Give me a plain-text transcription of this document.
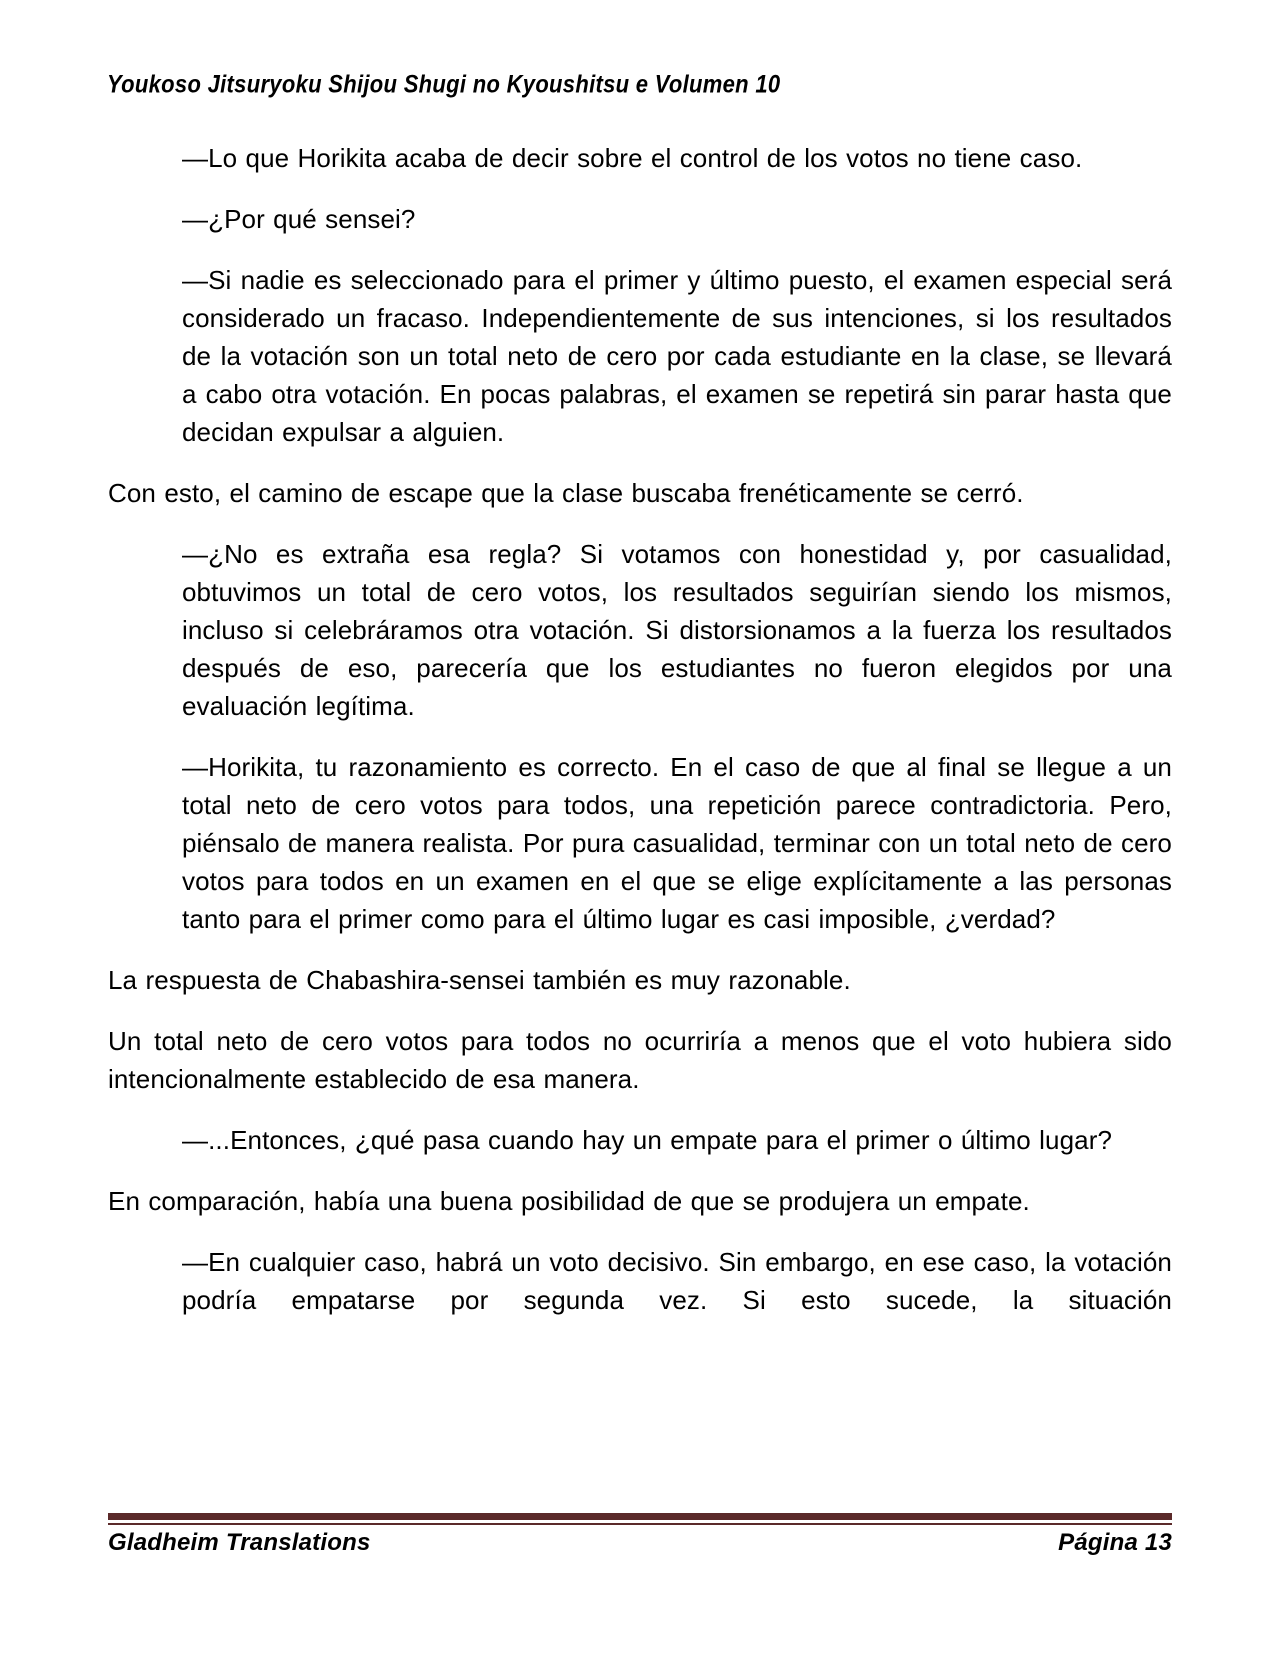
Youkoso Jitsuryoku Shijou Shugi no Kyoushitsu e Volumen 10

—Lo que Horikita acaba de decir sobre el control de los votos no tiene caso.

—¿Por qué sensei?

—Si nadie es seleccionado para el primer y último puesto, el examen especial será considerado un fracaso. Independientemente de sus intenciones, si los resultados de la votación son un total neto de cero por cada estudiante en la clase, se llevará a cabo otra votación. En pocas palabras, el examen se repetirá sin parar hasta que decidan expulsar a alguien.

Con esto, el camino de escape que la clase buscaba frenéticamente se cerró.

—¿No es extraña esa regla? Si votamos con honestidad y, por casualidad, obtuvimos un total de cero votos, los resultados seguirían siendo los mismos, incluso si celebráramos otra votación. Si distorsionamos a la fuerza los resultados después de eso, parecería que los estudiantes no fueron elegidos por una evaluación legítima.

—Horikita, tu razonamiento es correcto. En el caso de que al final se llegue a un total neto de cero votos para todos, una repetición parece contradictoria. Pero, piénsalo de manera realista. Por pura casualidad, terminar con un total neto de cero votos para todos en un examen en el que se elige explícitamente a las personas tanto para el primer como para el último lugar es casi imposible, ¿verdad?

La respuesta de Chabashira-sensei también es muy razonable.

Un total neto de cero votos para todos no ocurriría a menos que el voto hubiera sido intencionalmente establecido de esa manera.

—...Entonces, ¿qué pasa cuando hay un empate para el primer o último lugar?

En comparación, había una buena posibilidad de que se produjera un empate.

—En cualquier caso, habrá un voto decisivo. Sin embargo, en ese caso, la votación podría empatarse por segunda vez. Si esto sucede, la situación

Gladheim Translations	Página 13
